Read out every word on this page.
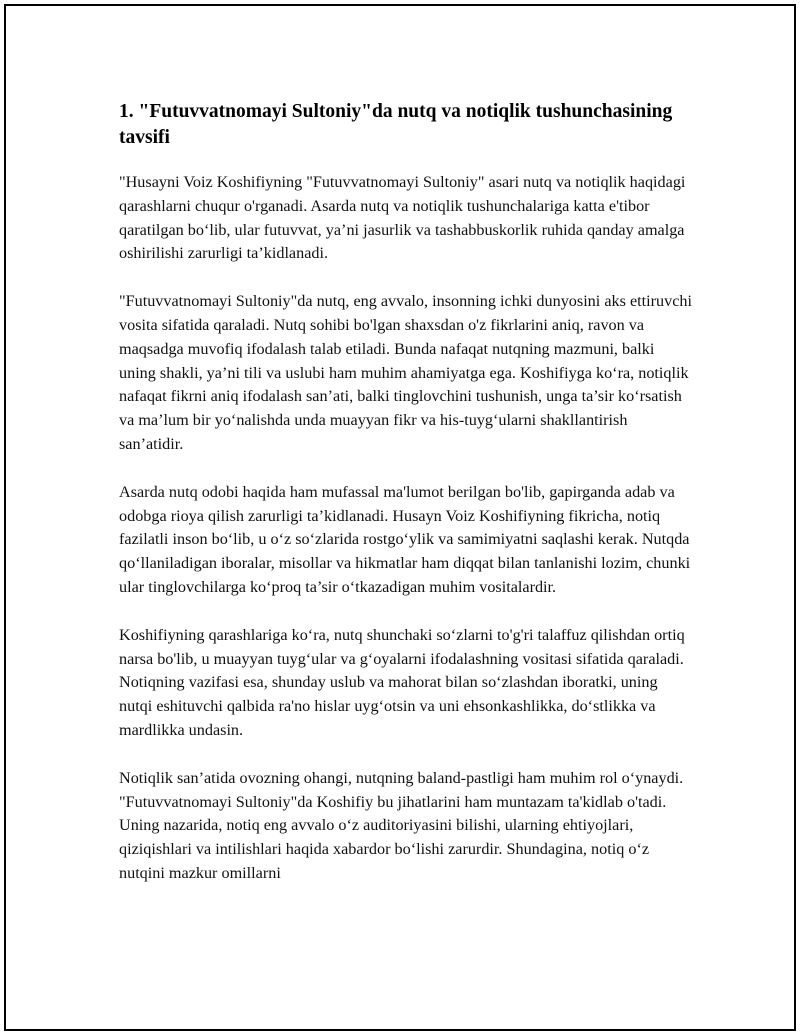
1. "Futuvvatnomayi Sultoniy"da nutq va notiqlik tushunchasining tavsifi

"Husayni Voiz Koshifiyning "Futuvvatnomayi Sultoniy" asari nutq va notiqlik haqidagi qarashlarni chuqur o'rganadi. Asarda nutq va notiqlik tushunchalariga katta e'tibor qaratilgan bo‘lib, ular futuvvat, ya’ni jasurlik va tashabbuskorlik ruhida qanday amalga oshirilishi zarurligi ta’kidlanadi.

"Futuvvatnomayi Sultoniy"da nutq, eng avvalo, insonning ichki dunyosini aks ettiruvchi vosita sifatida qaraladi. Nutq sohibi bo'lgan shaxsdan o'z fikrlarini aniq, ravon va maqsadga muvofiq ifodalash talab etiladi. Bunda nafaqat nutqning mazmuni, balki uning shakli, ya’ni tili va uslubi ham muhim ahamiyatga ega. Koshifiyga ko‘ra, notiqlik nafaqat fikrni aniq ifodalash san’ati, balki tinglovchini tushunish, unga ta’sir ko‘rsatish va ma’lum bir yo‘nalishda unda muayyan fikr va his-tuyg‘ularni shakllantirish san’atidir.

Asarda nutq odobi haqida ham mufassal ma'lumot berilgan bo'lib, gapirganda adab va odobga rioya qilish zarurligi ta’kidlanadi. Husayn Voiz Koshifiyning fikricha, notiq fazilatli inson bo‘lib, u o‘z so‘zlarida rostgo‘ylik va samimiyatni saqlashi kerak. Nutqda qo‘llaniladigan iboralar, misollar va hikmatlar ham diqqat bilan tanlanishi lozim, chunki ular tinglovchilarga ko‘proq ta’sir o‘tkazadigan muhim vositalardir.

Koshifiyning qarashlariga ko‘ra, nutq shunchaki so‘zlarni to'g'ri talaffuz qilishdan ortiq narsa bo'lib, u muayyan tuyg‘ular va g‘oyalarni ifodalashning vositasi sifatida qaraladi. Notiqning vazifasi esa, shunday uslub va mahorat bilan so‘zlashdan iboratki, uning nutqi eshituvchi qalbida ra'no hislar uyg‘otsin va uni ehsonkashlikka, do‘stlikka va mardlikka undasin.

Notiqlik san’atida ovozning ohangi, nutqning baland-pastligi ham muhim rol o‘ynaydi. "Futuvvatnomayi Sultoniy"da Koshifiy bu jihatlarini ham muntazam ta'kidlab o'tadi. Uning nazarida, notiq eng avvalo o‘z auditoriyasini bilishi, ularning ehtiyojlari, qiziqishlari va intilishlari haqida xabardor bo‘lishi zarurdir. Shundagina, notiq o‘z nutqini mazkur omillarni
